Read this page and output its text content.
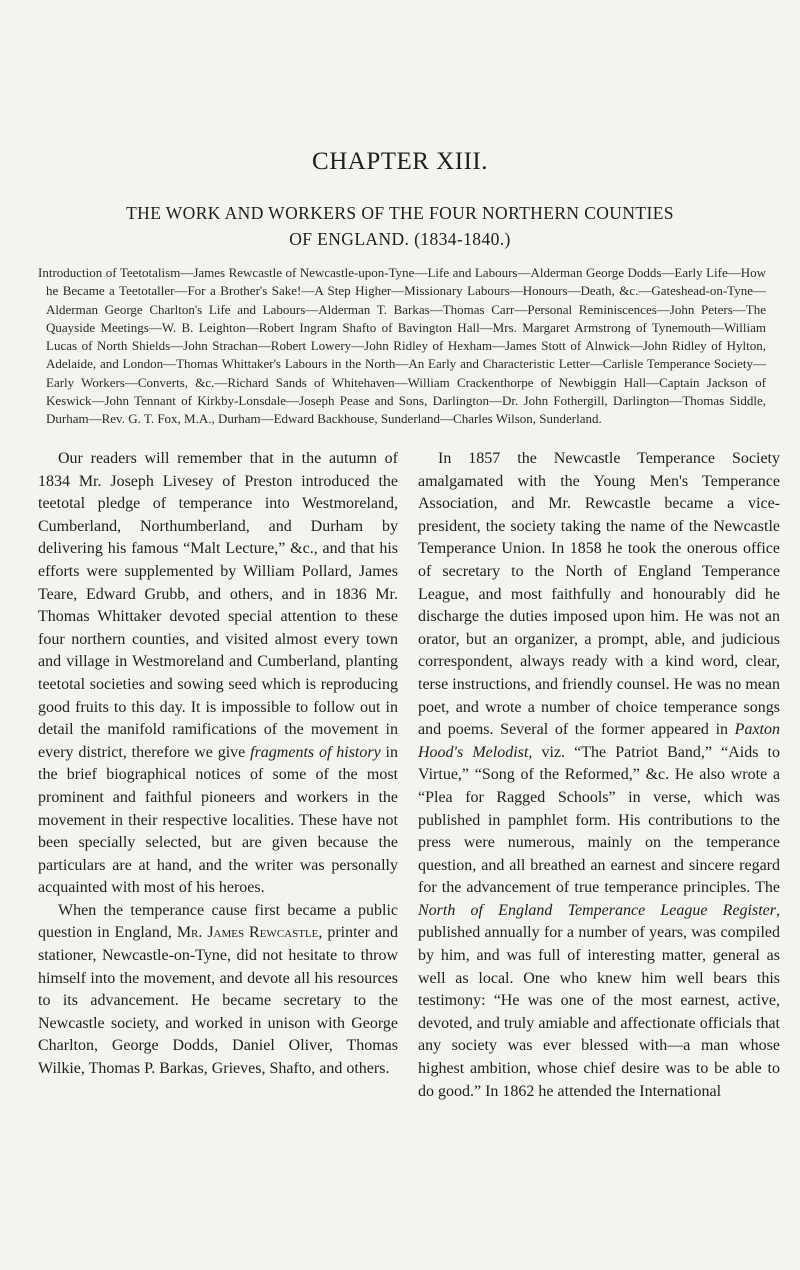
CHAPTER XIII.
THE WORK AND WORKERS OF THE FOUR NORTHERN COUNTIES
OF ENGLAND. (1834-1840.)
Introduction of Teetotalism—James Rewcastle of Newcastle-upon-Tyne—Life and Labours—Alderman George Dodds—Early Life—How he Became a Teetotaller—For a Brother's Sake!—A Step Higher—Missionary Labours—Honours—Death, &c.—Gateshead-on-Tyne—Alderman George Charlton's Life and Labours—Alderman T. Barkas—Thomas Carr—Personal Reminiscences—John Peters—The Quayside Meetings—W. B. Leighton—Robert Ingram Shafto of Bavington Hall—Mrs. Margaret Armstrong of Tynemouth—William Lucas of North Shields—John Strachan—Robert Lowery—John Ridley of Hexham—James Stott of Alnwick—John Ridley of Hylton, Adelaide, and London—Thomas Whittaker's Labours in the North—An Early and Characteristic Letter—Carlisle Temperance Society—Early Workers—Converts, &c.—Richard Sands of Whitehaven—William Crackenthorpe of Newbiggin Hall—Captain Jackson of Keswick—John Tennant of Kirkby-Lonsdale—Joseph Pease and Sons, Darlington—Dr. John Fothergill, Darlington—Thomas Siddle, Durham—Rev. G. T. Fox, M.A., Durham—Edward Backhouse, Sunderland—Charles Wilson, Sunderland.

Our readers will remember that in the autumn of 1834 Mr. Joseph Livesey of Preston introduced the teetotal pledge of temperance into Westmoreland, Cumberland, Northumberland, and Durham by delivering his famous “Malt Lecture,” &c., and that his efforts were supplemented by William Pollard, James Teare, Edward Grubb, and others, and in 1836 Mr. Thomas Whittaker devoted special attention to these four northern counties, and visited almost every town and village in Westmoreland and Cumberland, planting teetotal societies and sowing seed which is reproducing good fruits to this day. It is impossible to follow out in detail the manifold ramifications of the movement in every district, therefore we give fragments of history in the brief biographical notices of some of the most prominent and faithful pioneers and workers in the movement in their respective localities. These have not been specially selected, but are given because the particulars are at hand, and the writer was personally acquainted with most of his heroes.

When the temperance cause first became a public question in England, Mr. James Rewcastle, printer and stationer, Newcastle-on-Tyne, did not hesitate to throw himself into the movement, and devote all his resources to its advancement. He became secretary to the Newcastle society, and worked in unison with George Charlton, George Dodds, Daniel Oliver, Thomas Wilkie, Thomas P. Barkas, Grieves, Shafto, and others.

In 1857 the Newcastle Temperance Society amalgamated with the Young Men's Temperance Association, and Mr. Rewcastle became a vice-president, the society taking the name of the Newcastle Temperance Union. In 1858 he took the onerous office of secretary to the North of England Temperance League, and most faithfully and honourably did he discharge the duties imposed upon him. He was not an orator, but an organizer, a prompt, able, and judicious correspondent, always ready with a kind word, clear, terse instructions, and friendly counsel. He was no mean poet, and wrote a number of choice temperance songs and poems. Several of the former appeared in Paxton Hood's Melodist, viz. “The Patriot Band,” “Aids to Virtue,” “Song of the Reformed,” &c. He also wrote a “Plea for Ragged Schools” in verse, which was published in pamphlet form. His contributions to the press were numerous, mainly on the temperance question, and all breathed an earnest and sincere regard for the advancement of true temperance principles. The North of England Temperance League Register, published annually for a number of years, was compiled by him, and was full of interesting matter, general as well as local. One who knew him well bears this testimony: “He was one of the most earnest, active, devoted, and truly amiable and affectionate officials that any society was ever blessed with—a man whose highest ambition, whose chief desire was to be able to do good.” In 1862 he attended the International
